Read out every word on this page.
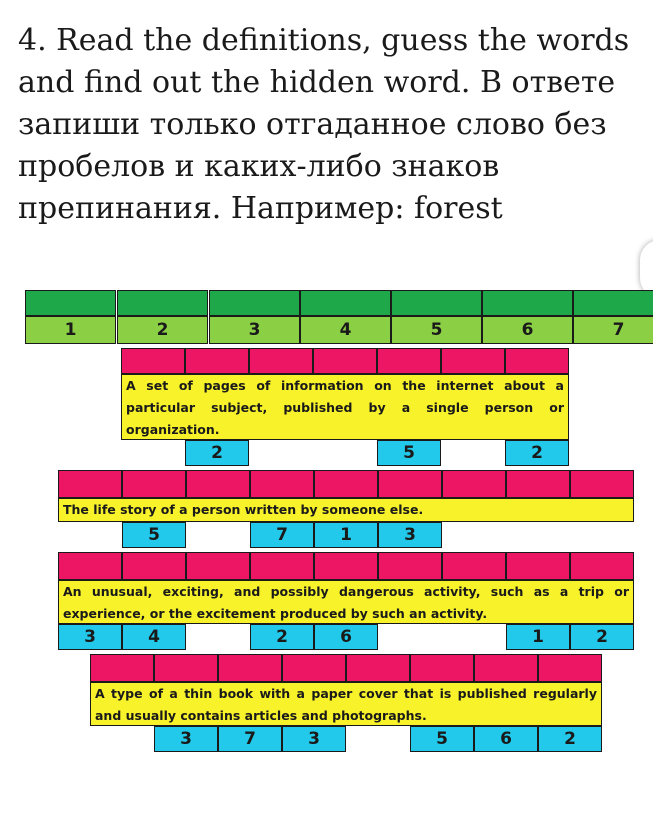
4. Read the definitions, guess the words and find out the hidden word. В ответе запиши только отгаданное слово без пробелов и каких-либо знаков препинания. Например: forest

1	2	3	4	5	6	7
A set of pages of information on the internet about a particular subject, published by a single person or organization.
2	5	2
The life story of a person written by someone else.
5	7	1	3
An unusual, exciting, and possibly dangerous activity, such as a trip or experience, or the excitement produced by such an activity.
3	4	2	6	1	2
A type of a thin book with a paper cover that is published regularly and usually contains articles and photographs.
3	7	3	5	6	2
